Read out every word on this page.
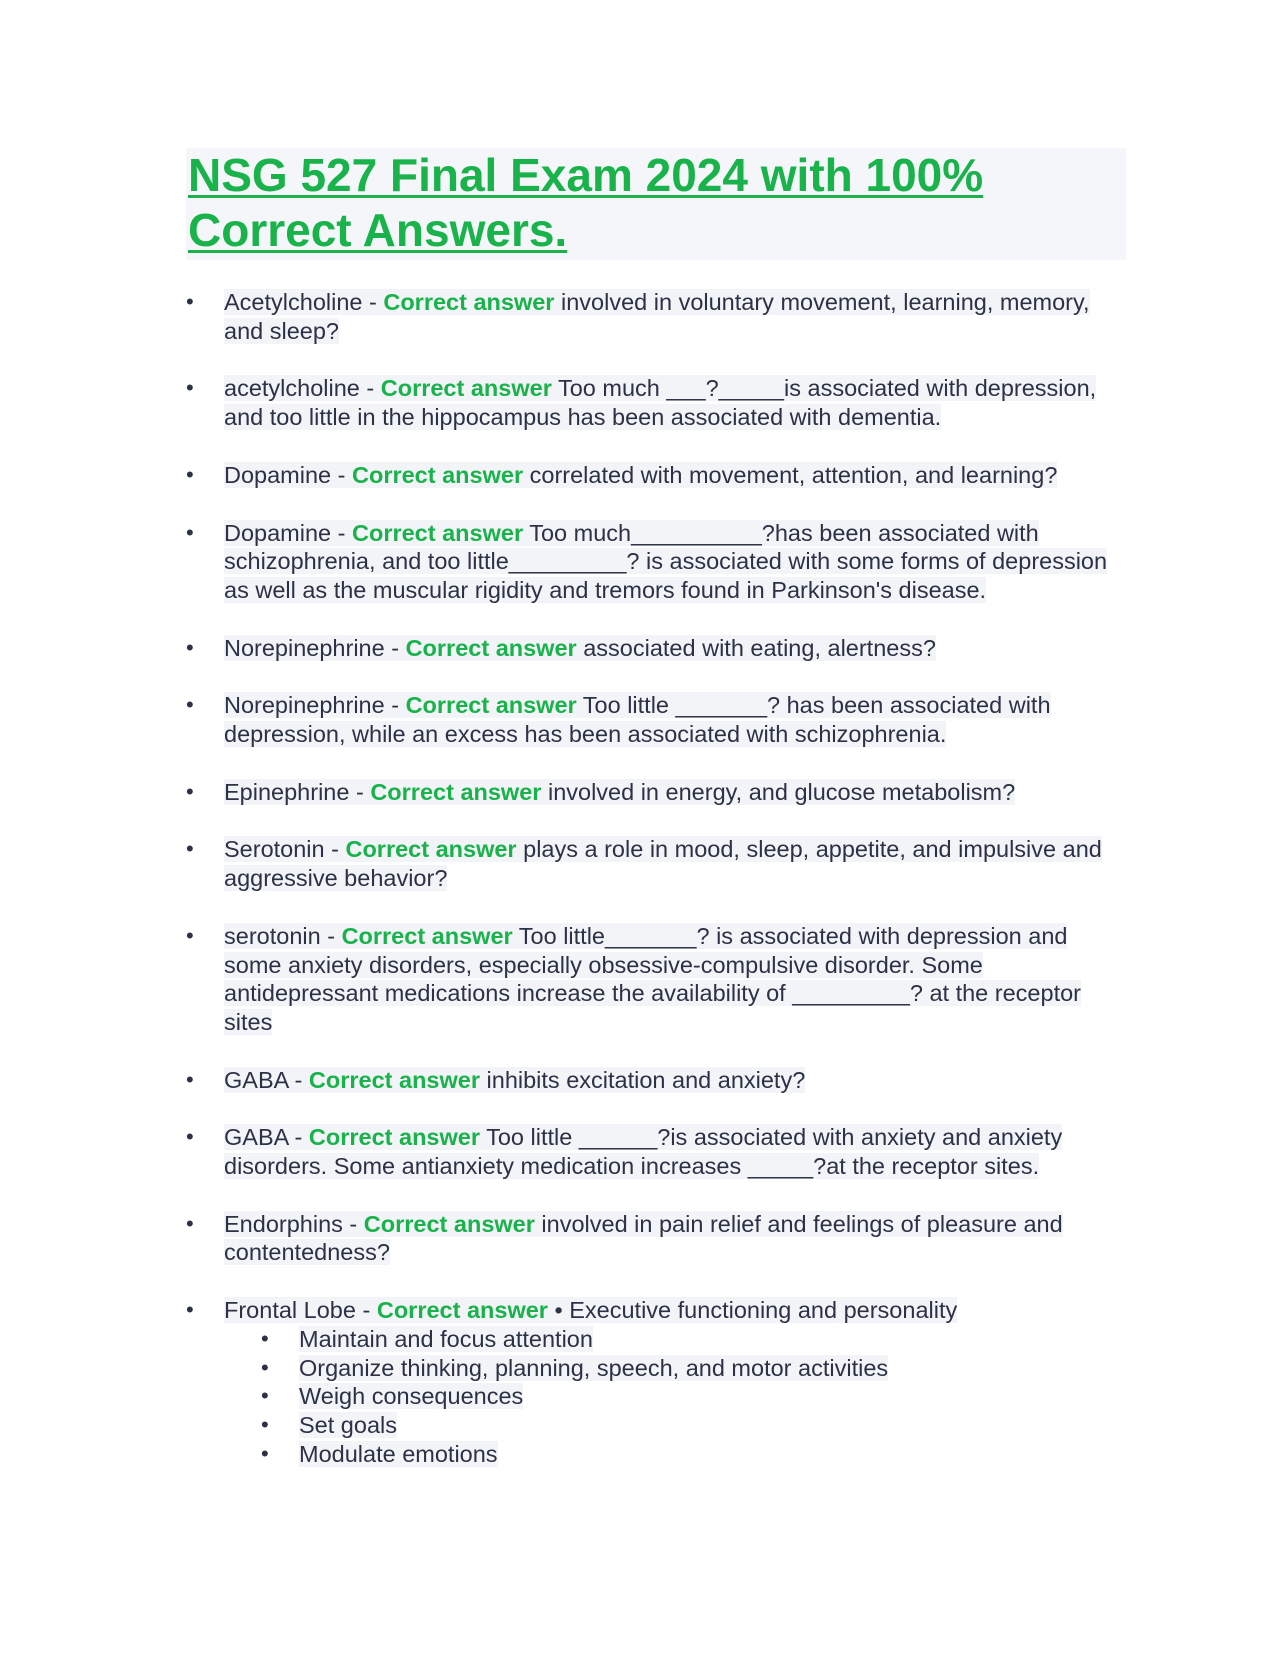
NSG 527 Final Exam 2024 with 100% Correct Answers.
• Acetylcholine - Correct answer involved in voluntary movement, learning, memory, and sleep?
• acetylcholine - Correct answer Too much ___?_____is associated with depression, and too little in the hippocampus has been associated with dementia.
• Dopamine - Correct answer correlated with movement, attention, and learning?
• Dopamine - Correct answer Too much__________?has been associated with schizophrenia, and too little_________? is associated with some forms of depression as well as the muscular rigidity and tremors found in Parkinson's disease.
• Norepinephrine - Correct answer associated with eating, alertness?
• Norepinephrine - Correct answer Too little _______? has been associated with depression, while an excess has been associated with schizophrenia.
• Epinephrine - Correct answer involved in energy, and glucose metabolism?
• Serotonin - Correct answer plays a role in mood, sleep, appetite, and impulsive and aggressive behavior?
• serotonin - Correct answer Too little_______? is associated with depression and some anxiety disorders, especially obsessive-compulsive disorder. Some antidepressant medications increase the availability of _________? at the receptor sites
• GABA - Correct answer inhibits excitation and anxiety?
• GABA - Correct answer Too little ______?is associated with anxiety and anxiety disorders. Some antianxiety medication increases _____?at the receptor sites.
• Endorphins - Correct answer involved in pain relief and feelings of pleasure and contentedness?
• Frontal Lobe - Correct answer • Executive functioning and personality
• Maintain and focus attention
• Organize thinking, planning, speech, and motor activities
• Weigh consequences
• Set goals
• Modulate emotions
